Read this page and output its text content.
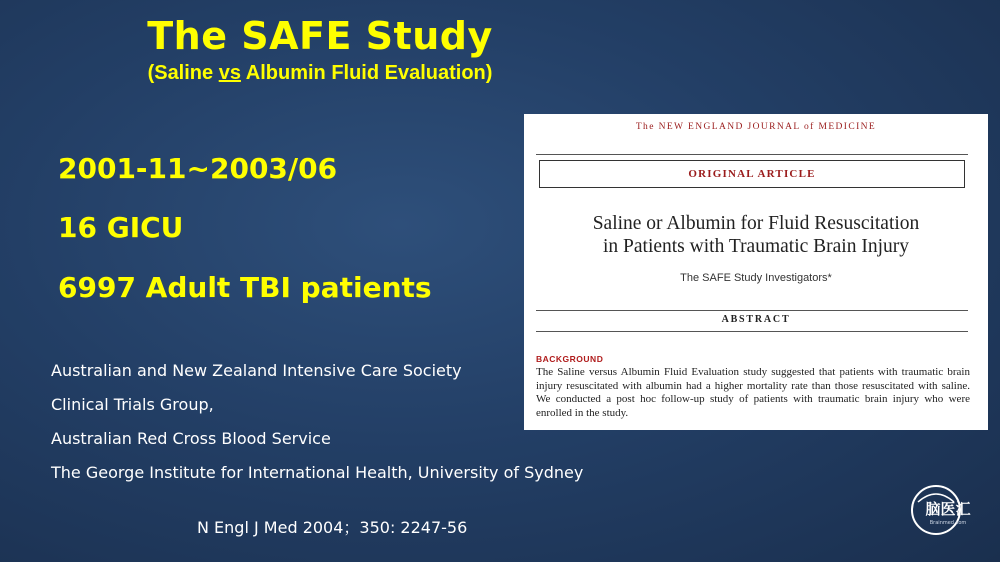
The SAFE Study
(Saline vs Albumin Fluid Evaluation)
2001-11~2003/06
16 GICU
6997 Adult TBI patients
Australian and New Zealand Intensive Care Society
Clinical Trials Group,
Australian Red Cross Blood Service
The George Institute for International Health, University of Sydney
N Engl J Med 2004；350: 2247-56
The NEW ENGLAND JOURNAL of MEDICINE
ORIGINAL ARTICLE
Saline or Albumin for Fluid Resuscitation
in Patients with Traumatic Brain Injury
The SAFE Study Investigators*
ABSTRACT
BACKGROUND
The Saline versus Albumin Fluid Evaluation study suggested that patients with traumatic brain injury resuscitated with albumin had a higher mortality rate than those resuscitated with saline. We conducted a post hoc follow-up study of patients with traumatic brain injury who were enrolled in the study.
脑医汇
Brainmed.com
